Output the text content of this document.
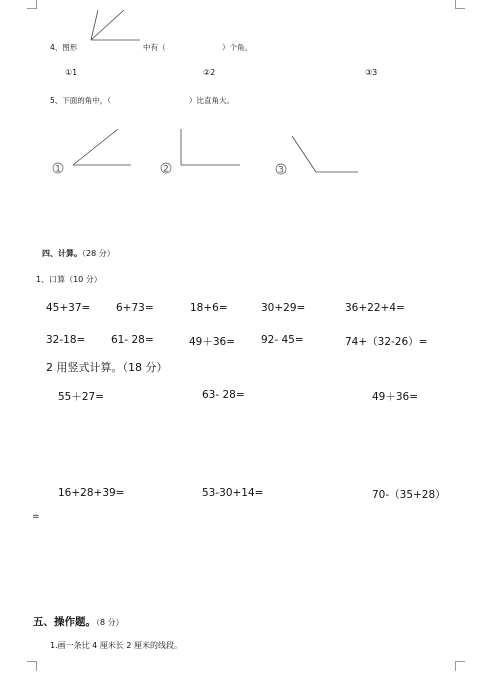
4、图形	中有（	）个角。
①1	②2	③3
5、下面的角中，（	）比直角大。
1	2	3
四、计算。（28 分）
1、口算（10 分）
45+37= 6+73=	18+6=	30+29=	36+22+4=
32-18= 61- 28=	49＋36= 92- 45=	74+（32-26）=
2 用竖式计算。（18 分）
55＋27=	63- 28=	49＋36=
16+28+39=	53-30+14=	70-（35+28）
=
五、操作题。（8 分）
1.画一条比 4 厘米长 2 厘米的线段。
